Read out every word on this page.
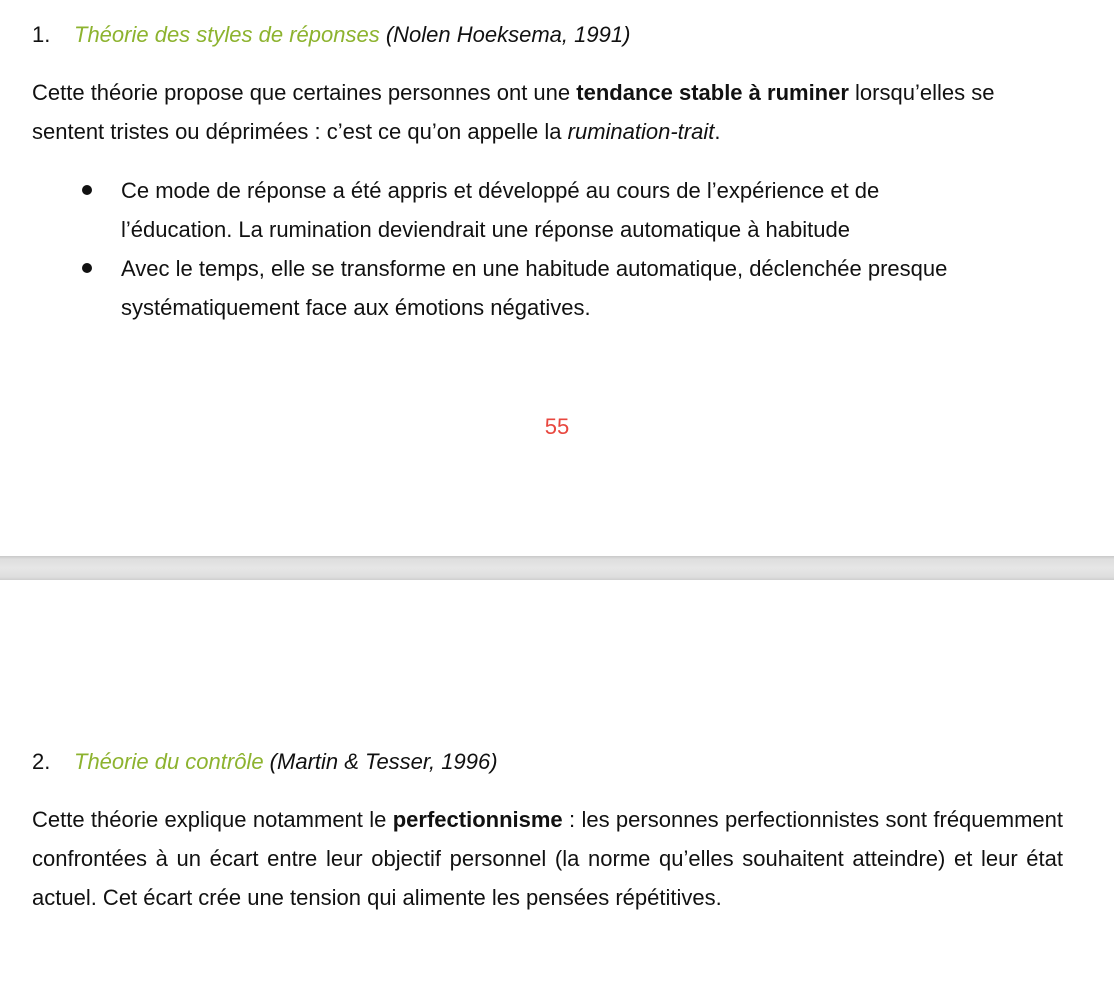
1. Théorie des styles de réponses (Nolen Hoeksema, 1991)
Cette théorie propose que certaines personnes ont une tendance stable à ruminer lorsqu’elles se sentent tristes ou déprimées : c’est ce qu’on appelle la rumination-trait.
Ce mode de réponse a été appris et développé au cours de l’expérience et de l’éducation. La rumination deviendrait une réponse automatique à habitude
Avec le temps, elle se transforme en une habitude automatique, déclenchée presque systématiquement face aux émotions négatives.
55
2. Théorie du contrôle (Martin & Tesser, 1996)
Cette théorie explique notamment le perfectionnisme : les personnes perfectionnistes sont fréquemment confrontées à un écart entre leur objectif personnel (la norme qu’elles souhaitent atteindre) et leur état actuel. Cet écart crée une tension qui alimente les pensées répétitives.
